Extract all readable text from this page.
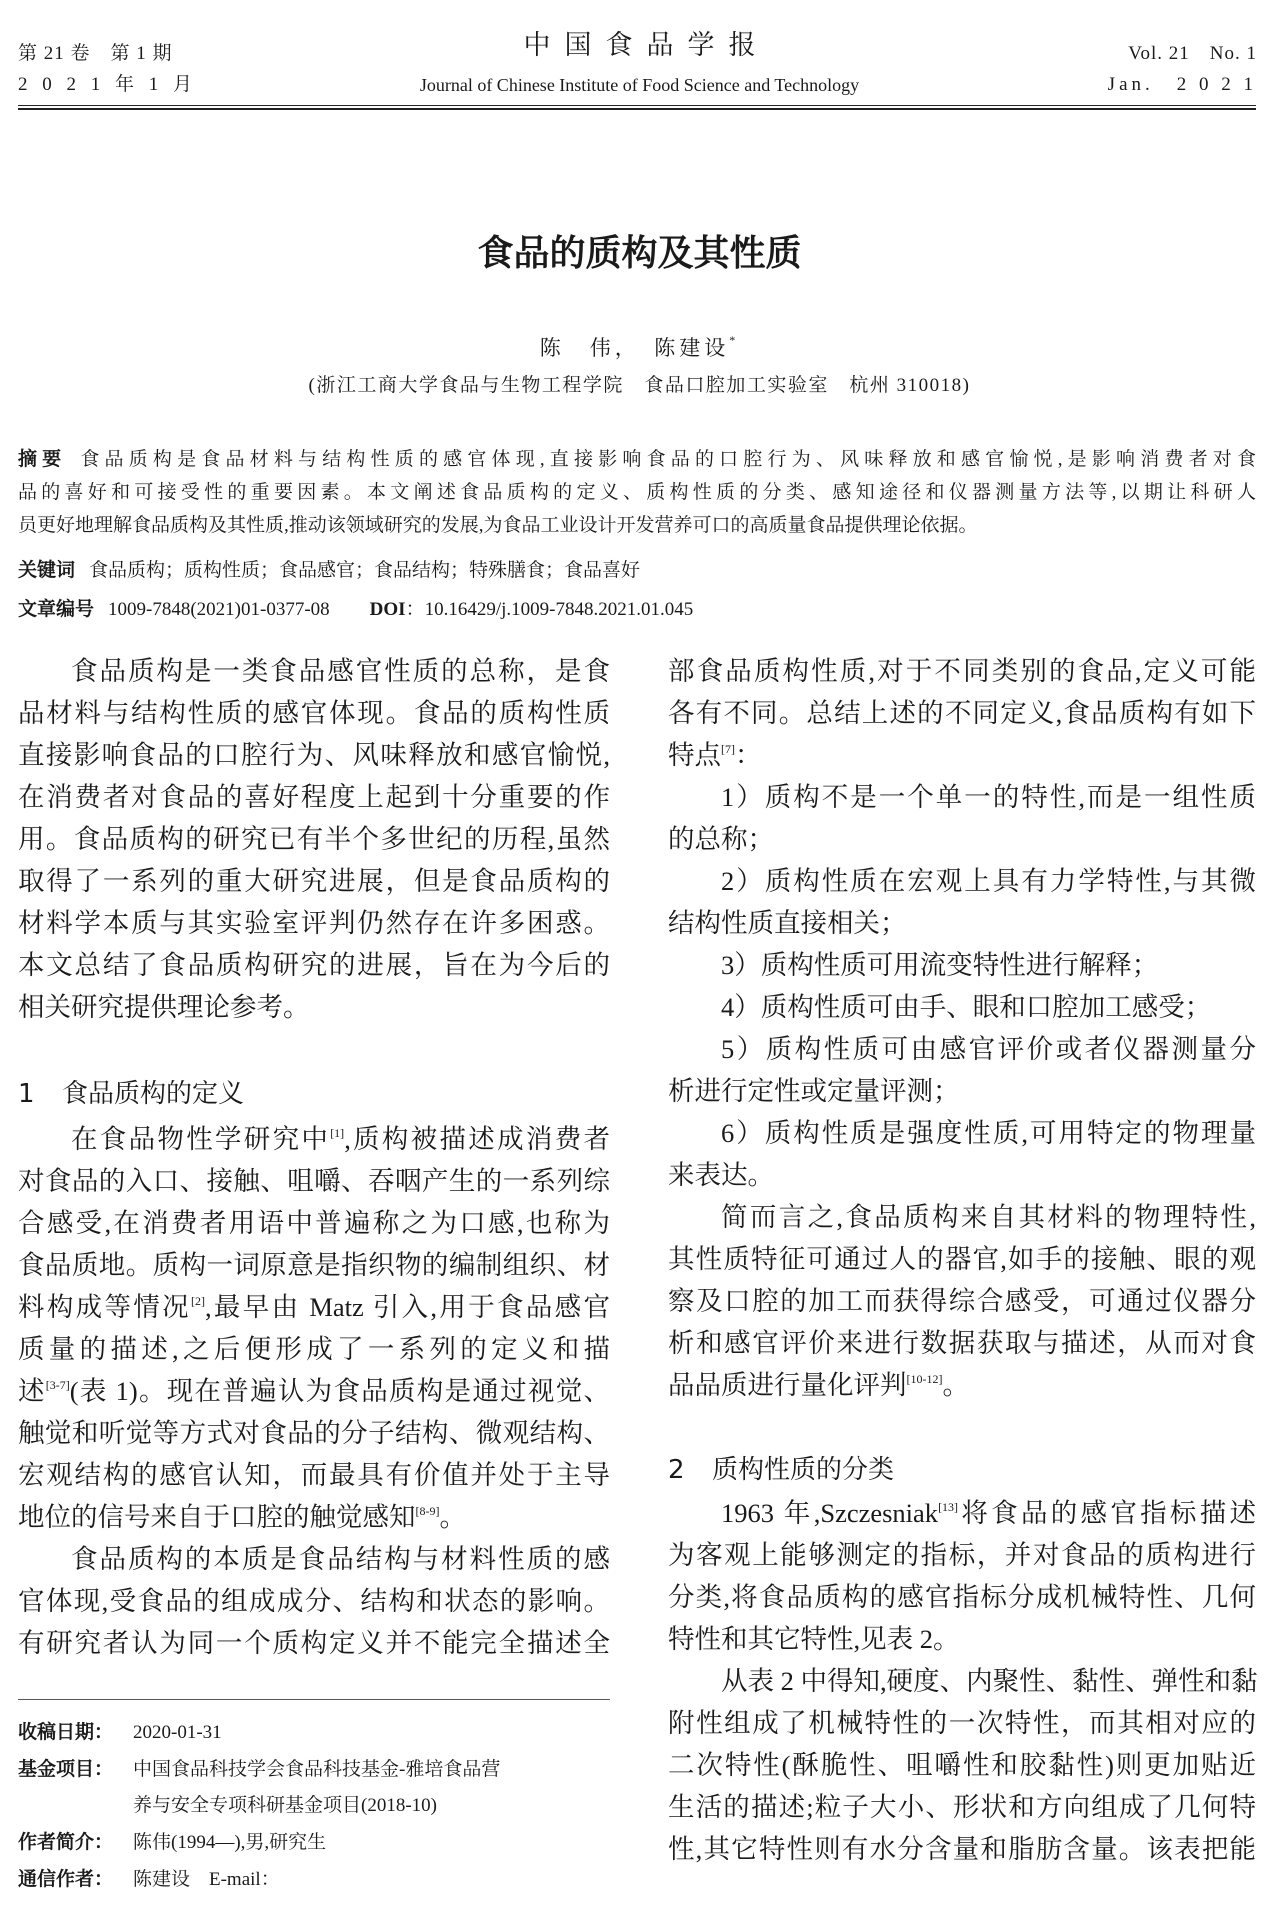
第 21 卷　第 1 期
2 0 2 1 年 1 月
中国食品学报
Journal of Chinese Institute of Food Science and Technology
Vol. 21　No. 1
Jan.　2 0 2 1
食品的质构及其性质
陈　伟，　陈建设*
(浙江工商大学食品与生物工程学院　食品口腔加工实验室　杭州 310018)
摘要 食品质构是食品材料与结构性质的感官体现,直接影响食品的口腔行为、风味释放和感官愉悦,是影响消费者对食
品的喜好和可接受性的重要因素。本文阐述食品质构的定义、质构性质的分类、感知途径和仪器测量方法等,以期让科研人
员更好地理解食品质构及其性质,推动该领域研究的发展,为食品工业设计开发营养可口的高质量食品提供理论依据。
关键词 食品质构；质构性质；食品感官；食品结构；特殊膳食；食品喜好
文章编号 1009-7848(2021)01-0377-08 DOI：10.16429/j.1009-7848.2021.01.045
食品质构是一类食品感官性质的总称，是食
品材料与结构性质的感官体现。食品的质构性质
直接影响食品的口腔行为、风味释放和感官愉悦,
在消费者对食品的喜好程度上起到十分重要的作
用。食品质构的研究已有半个多世纪的历程,虽然
取得了一系列的重大研究进展，但是食品质构的
材料学本质与其实验室评判仍然存在许多困惑。
本文总结了食品质构研究的进展，旨在为今后的
相关研究提供理论参考。
1 食品质构的定义
在食品物性学研究中[1],质构被描述成消费者
对食品的入口、接触、咀嚼、吞咽产生的一系列综
合感受,在消费者用语中普遍称之为口感,也称为
食品质地。质构一词原意是指织物的编制组织、材
料构成等情况[2],最早由 Matz 引入,用于食品感官
质量的描述,之后便形成了一系列的定义和描
述[3-7](表 1)。现在普遍认为食品质构是通过视觉、
触觉和听觉等方式对食品的分子结构、微观结构、
宏观结构的感官认知，而最具有价值并处于主导
地位的信号来自于口腔的触觉感知[8-9]。
食品质构的本质是食品结构与材料性质的感
官体现,受食品的组成成分、结构和状态的影响。
有研究者认为同一个质构定义并不能完全描述全
收稿日期： 2020-01-31
基金项目： 中国食品科技学会食品科技基金-雅培食品营
养与安全专项科研基金项目(2018-10)
作者简介： 陈伟(1994—),男,研究生
通信作者： 陈建设　E-mail：
部食品质构性质,对于不同类别的食品,定义可能
各有不同。总结上述的不同定义,食品质构有如下
特点[7]：
1）质构不是一个单一的特性,而是一组性质
的总称；
2）质构性质在宏观上具有力学特性,与其微
结构性质直接相关；
3）质构性质可用流变特性进行解释；
4）质构性质可由手、眼和口腔加工感受；
5）质构性质可由感官评价或者仪器测量分
析进行定性或定量评测；
6）质构性质是强度性质,可用特定的物理量
来表达。
简而言之,食品质构来自其材料的物理特性,
其性质特征可通过人的器官,如手的接触、眼的观
察及口腔的加工而获得综合感受，可通过仪器分
析和感官评价来进行数据获取与描述，从而对食
品品质进行量化评判[10-12]。
2 质构性质的分类
1963 年,Szczesniak[13]将食品的感官指标描述
为客观上能够测定的指标，并对食品的质构进行
分类,将食品质构的感官指标分成机械特性、几何
特性和其它特性,见表 2。
从表 2 中得知,硬度、内聚性、黏性、弹性和黏
附性组成了机械特性的一次特性，而其相对应的
二次特性(酥脆性、咀嚼性和胶黏性)则更加贴近
生活的描述;粒子大小、形状和方向组成了几何特
性,其它特性则有水分含量和脂肪含量。该表把能
